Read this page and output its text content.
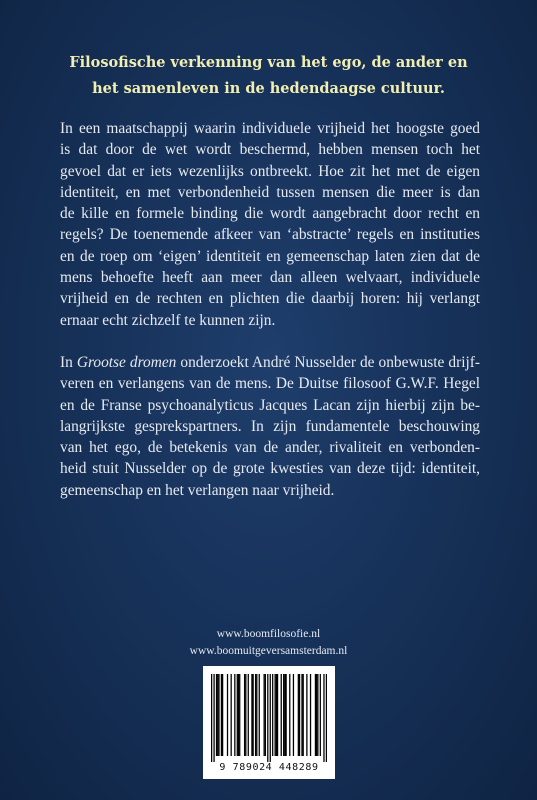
Filosofische verkenning van het ego, de ander en
het samenleven in de hedendaagse cultuur.
In een maatschappij waarin individuele vrijheid het hoogste goed
is dat door de wet wordt beschermd, hebben mensen toch het
gevoel dat er iets wezenlijks ontbreekt. Hoe zit het met de eigen
identiteit, en met verbondenheid tussen mensen die meer is dan
de kille en formele binding die wordt aangebracht door recht en
regels? De toenemende afkeer van ‘abstracte’ regels en instituties
en de roep om ‘eigen’ identiteit en gemeenschap laten zien dat de
mens behoefte heeft aan meer dan alleen welvaart, individuele
vrijheid en de rechten en plichten die daarbij horen: hij verlangt
ernaar echt zichzelf te kunnen zijn.
In Grootse dromen onderzoekt André Nusselder de onbewuste drijf-
veren en verlangens van de mens. De Duitse filosoof G.W.F. Hegel
en de Franse psychoanalyticus Jacques Lacan zijn hierbij zijn be-
langrijkste gesprekspartners. In zijn fundamentele beschouwing
van het ego, de betekenis van de ander, rivaliteit en verbonden-
heid stuit Nusselder op de grote kwesties van deze tijd: identiteit,
gemeenschap en het verlangen naar vrijheid.
www.boomfilosofie.nl
www.boomuitgeversamsterdam.nl
9 789024 448289
